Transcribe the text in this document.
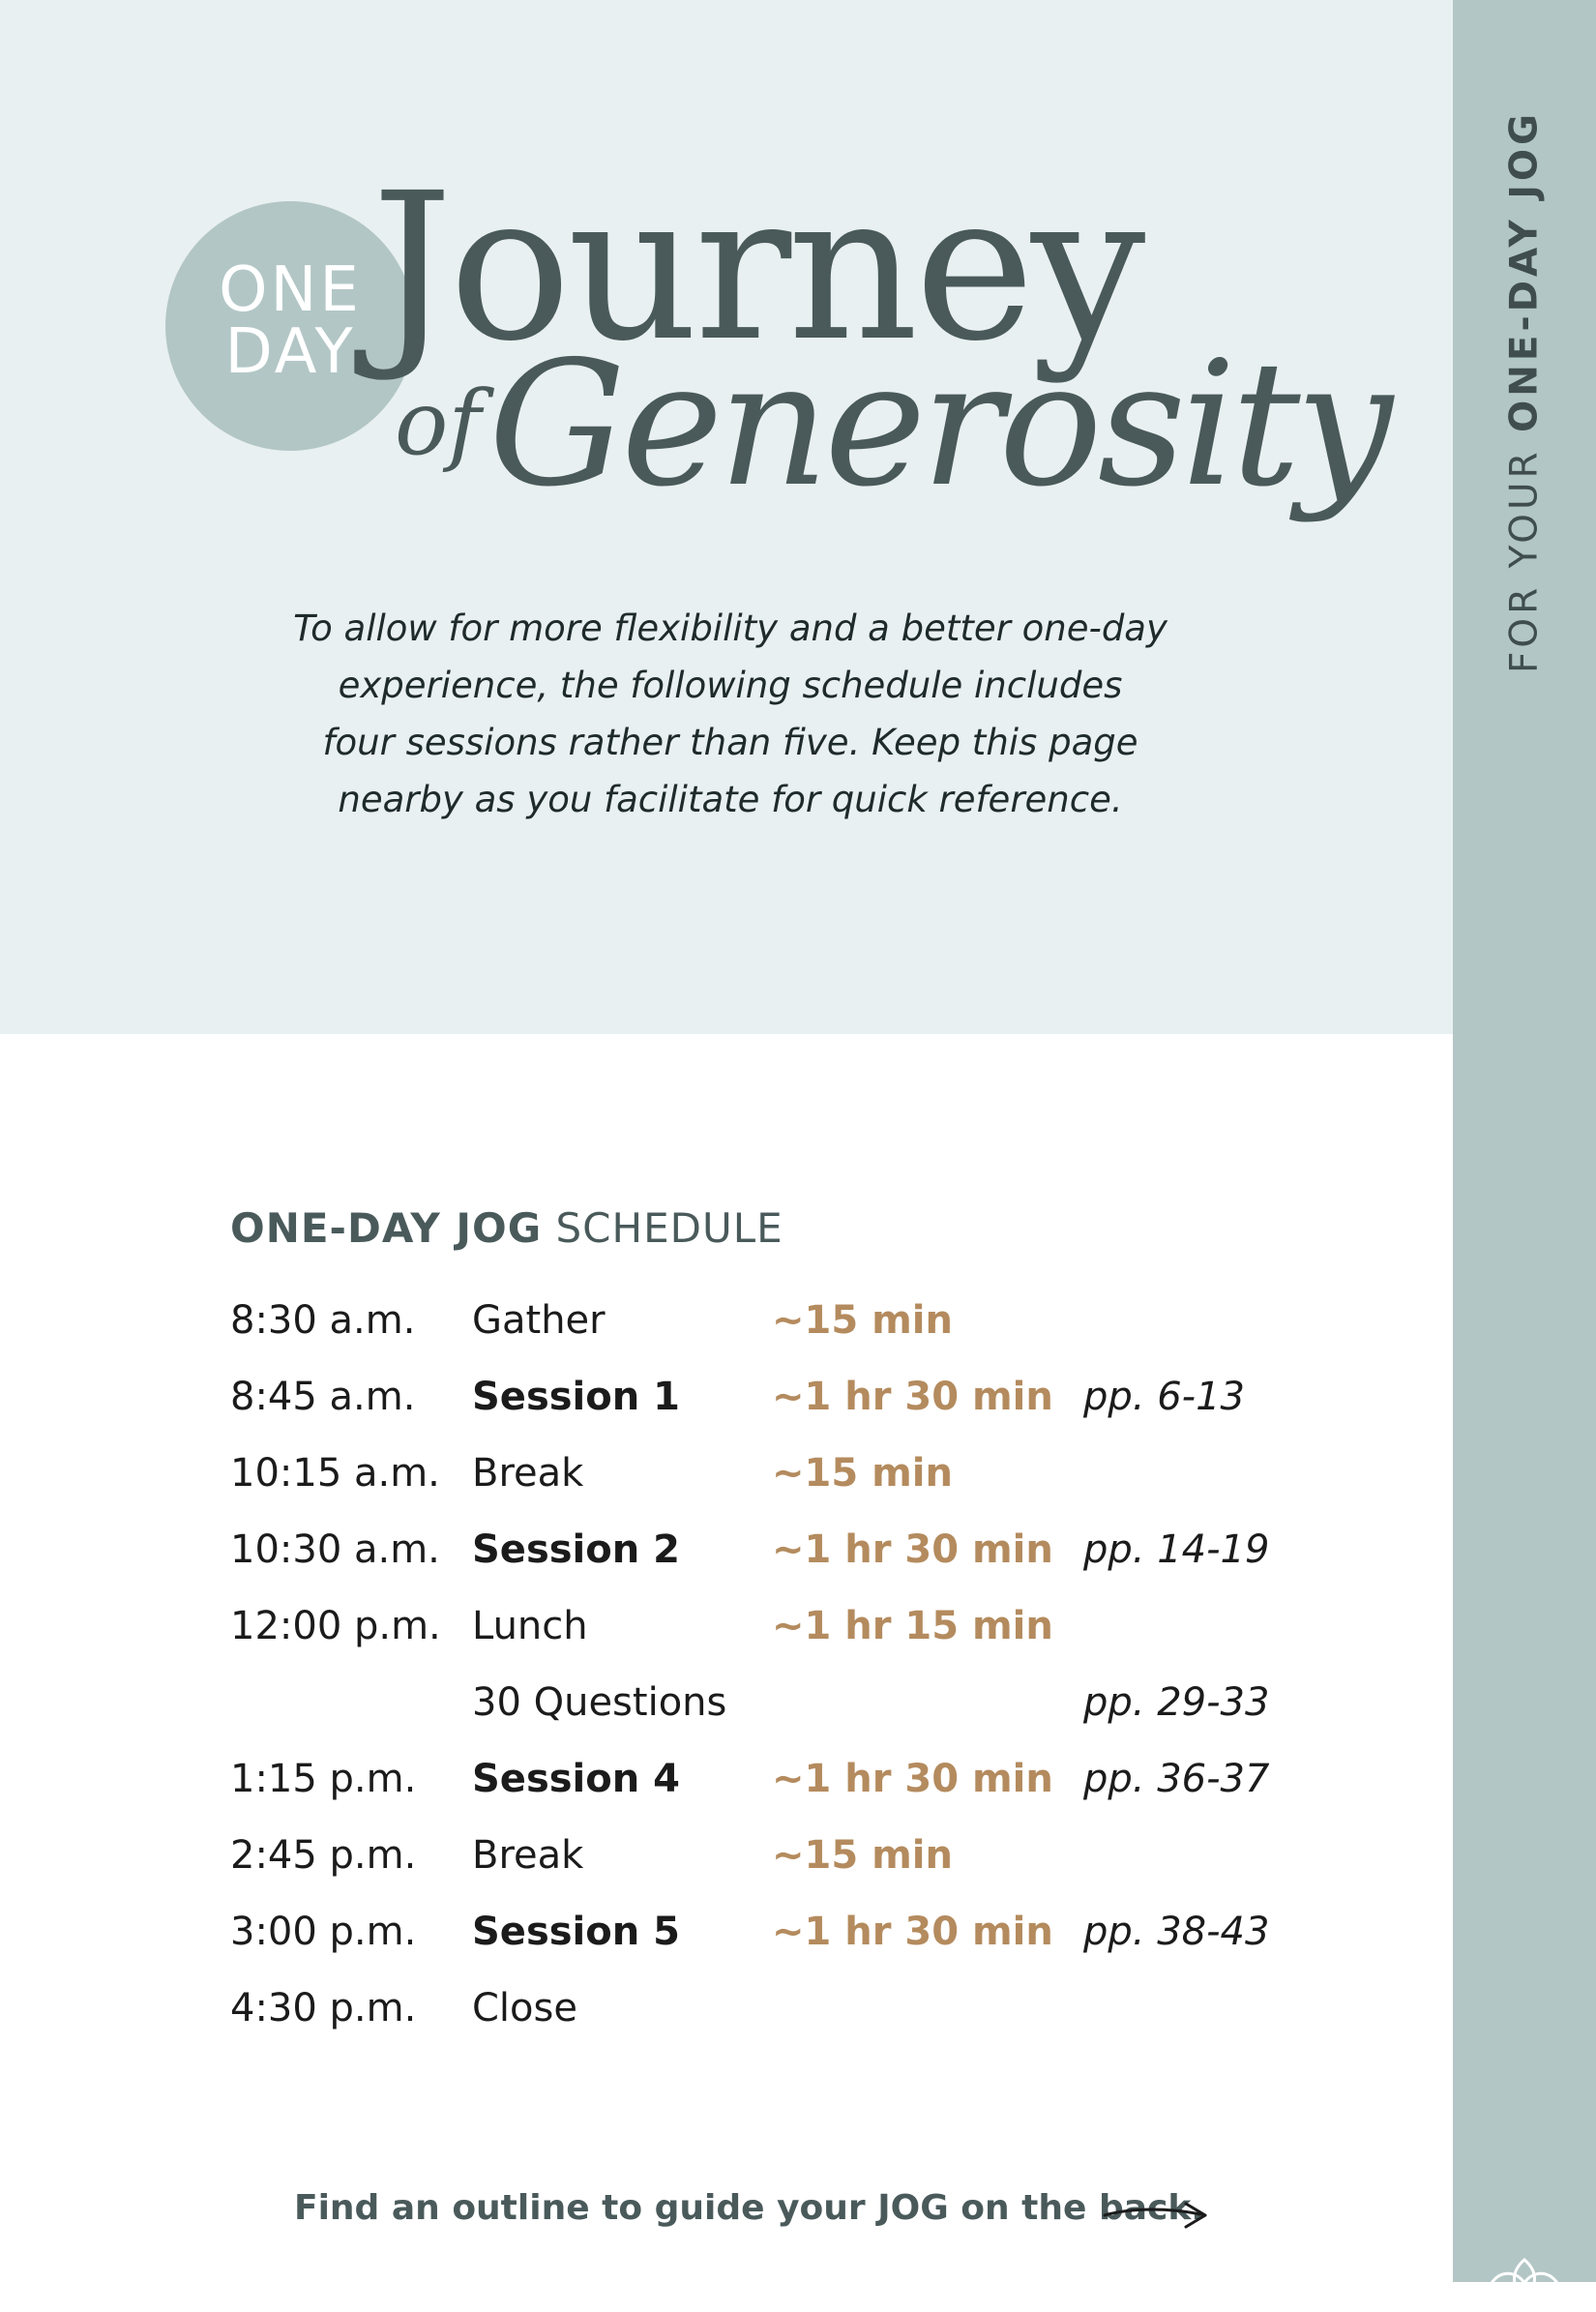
FOR YOUR ONE-DAY JOG
ONE
DAY Journey
of Generosity
To allow for more flexibility and a better one-day
experience, the following schedule includes
four sessions rather than five. Keep this page
nearby as you facilitate for quick reference.
ONE-DAY JOG SCHEDULE
8:30 a.m. Gather	~15 min
8:45 a.m. Session 1 ~1 hr 30 min pp. 6-13
10:15 a.m. Break	~15 min
10:30 a.m. Session 2 ~1 hr 30 min pp. 14-19
12:00 p.m. Lunch	~1 hr 15 min
30 Questions	pp. 29-33
1:15 p.m. Session 4 ~1 hr 30 min pp. 36-37
2:45 p.m. Break	~15 min
3:00 p.m. Session 5 ~1 hr 30 min pp. 38-43
4:30 p.m. Close
Find an outline to guide your JOG on the back.
